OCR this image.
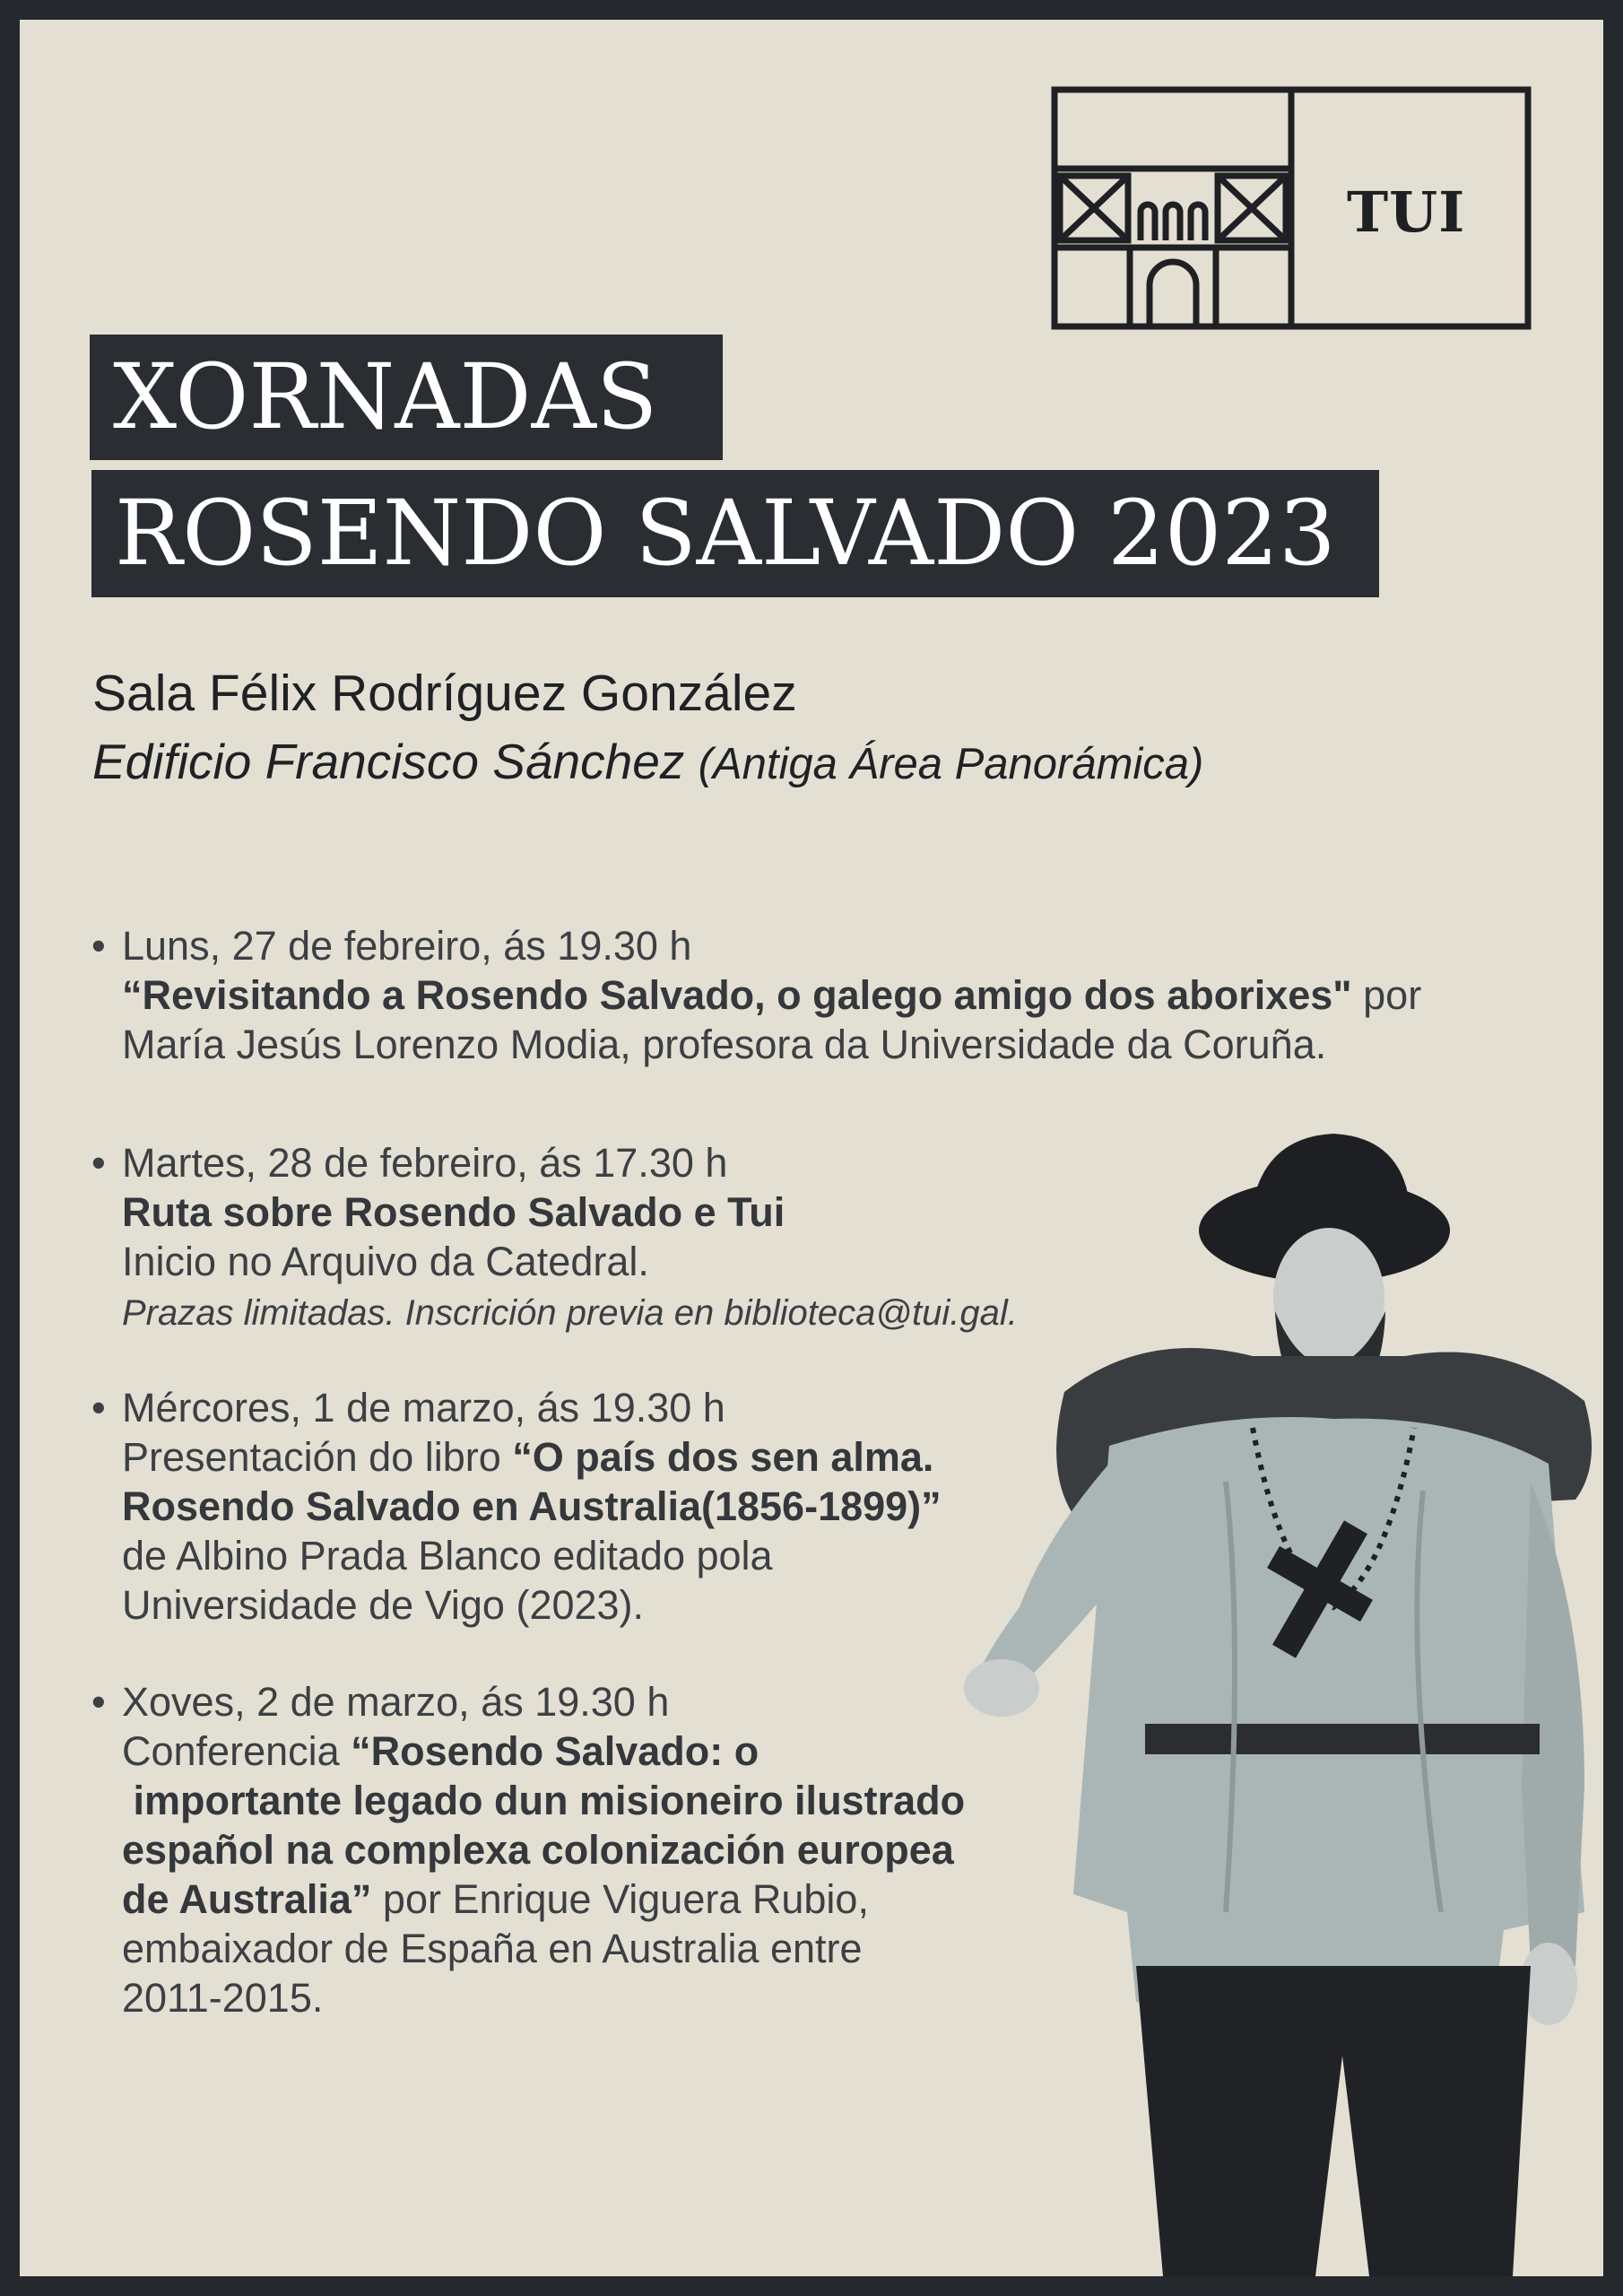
TUI
XORNADAS
ROSENDO SALVADO 2023
Sala Félix Rodríguez González
Edificio Francisco Sánchez (Antiga Área Panorámica)
• Luns, 27 de febreiro, ás 19.30 h
“Revisitando a Rosendo Salvado, o galego amigo dos aborixes" por
María Jesús Lorenzo Modia, profesora da Universidade da Coruña.
• Martes, 28 de febreiro, ás 17.30 h
Ruta sobre Rosendo Salvado e Tui
Inicio no Arquivo da Catedral.
Prazas limitadas. Inscrición previa en biblioteca@tui.gal.
• Mércores, 1 de marzo, ás 19.30 h
Presentación do libro “O país dos sen alma.
Rosendo Salvado en Australia(1856-1899)”
de Albino Prada Blanco editado pola
Universidade de Vigo (2023).
• Xoves, 2 de marzo, ás 19.30 h
Conferencia “Rosendo Salvado: o
importante legado dun misioneiro ilustrado
español na complexa colonización europea
de Australia” por Enrique Viguera Rubio,
embaixador de España en Australia entre
2011-2015.
